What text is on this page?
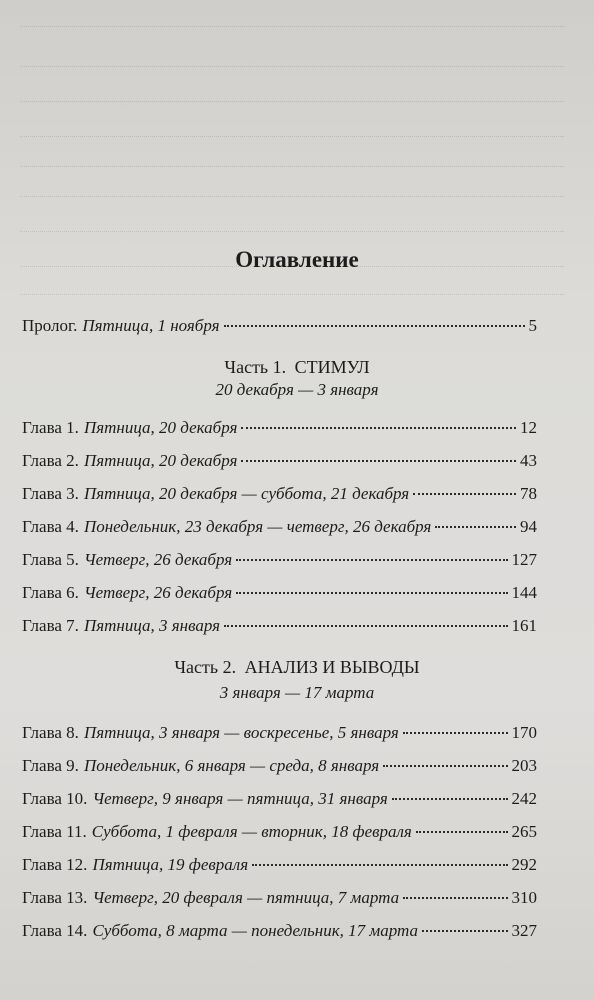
Оглавление
Пролог. Пятница, 1 ноября	5
Часть 1. СТИМУЛ
20 декабря — 3 января
Глава 1. Пятница, 20 декабря	12
Глава 2. Пятница, 20 декабря	43
Глава 3. Пятница, 20 декабря — суббота, 21 декабря	78
Глава 4. Понедельник, 23 декабря — четверг, 26 декабря	94
Глава 5. Четверг, 26 декабря	127
Глава 6. Четверг, 26 декабря	144
Глава 7. Пятница, 3 января	161
Часть 2. АНАЛИЗ И ВЫВОДЫ
3 января — 17 марта
Глава 8. Пятница, 3 января — воскресенье, 5 января	170
Глава 9. Понедельник, 6 января — среда, 8 января	203
Глава 10. Четверг, 9 января — пятница, 31 января	242
Глава 11. Суббота, 1 февраля — вторник, 18 февраля	265
Глава 12. Пятница, 19 февраля	292
Глава 13. Четверг, 20 февраля — пятница, 7 марта	310
Глава 14. Суббота, 8 марта — понедельник, 17 марта	327
